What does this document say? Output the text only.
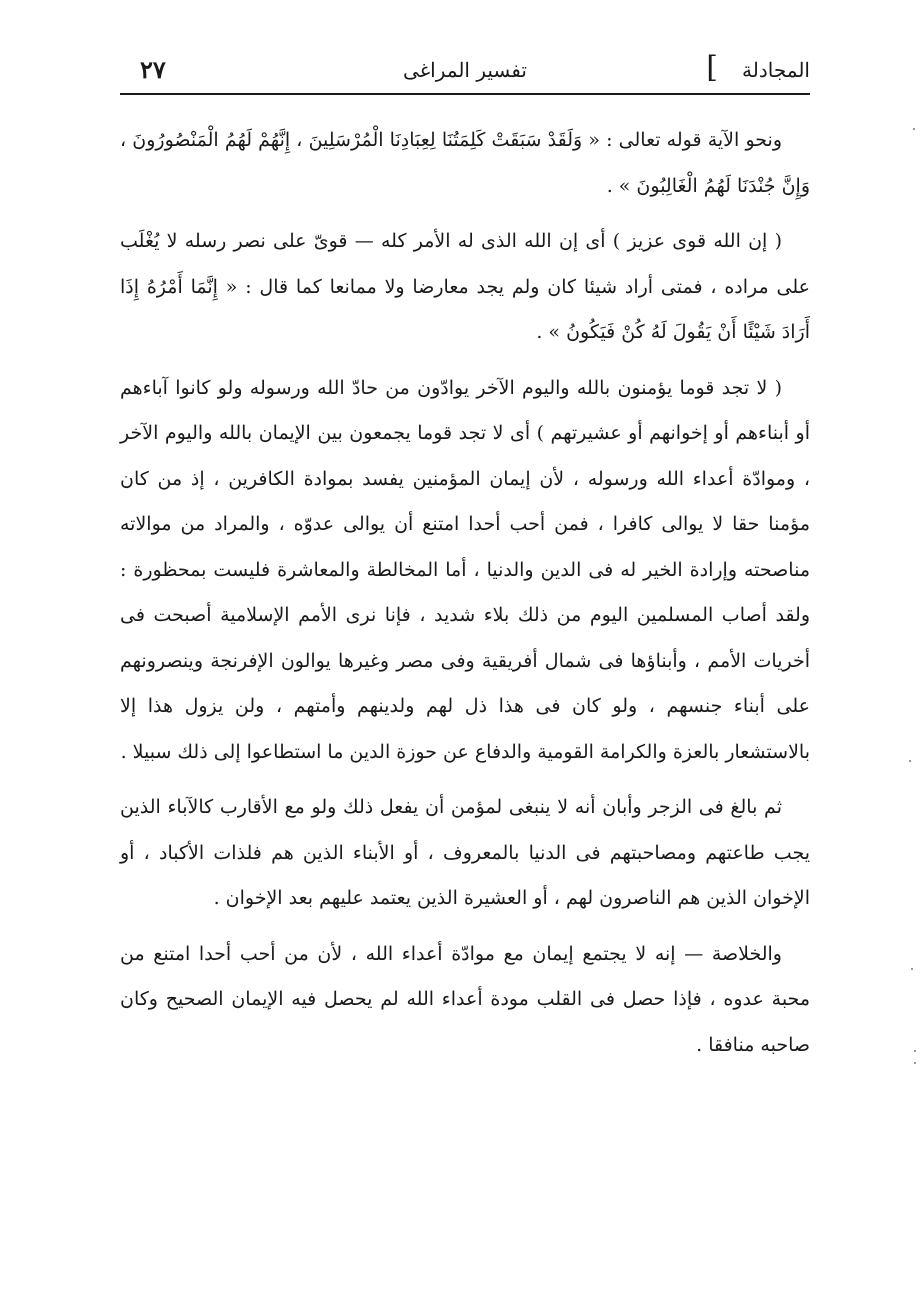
المجادلة
]
تفسير المراغى
٢٧

ونحو الآية قوله تعالى : « وَلَقَدْ سَبَقَتْ كَلِمَتُنَا لِعِبَادِنَا الْمُرْسَلِينَ ، إِنَّهُمْ لَهُمُ الْمَنْصُورُونَ ، وَإِنَّ جُنْدَنَا لَهُمُ الْغَالِبُونَ » .

( إن الله قوى عزيز ) أى إن الله الذى له الأمر كله — قوىّ على نصر رسله لا يُغْلَب على مراده ، فمتى أراد شيئا كان ولم يجد معارضا ولا ممانعا كما قال : « إِنَّمَا أَمْرُهُ إِذَا أَرَادَ شَيْئًا أَنْ يَقُولَ لَهُ كُنْ فَيَكُونُ » .

( لا تجد قوما يؤمنون بالله واليوم الآخر يوادّون من حادّ الله ورسوله ولو كانوا آباءهم أو أبناءهم أو إخوانهم أو عشيرتهم ) أى لا تجد قوما يجمعون بين الإيمان بالله واليوم الآخر ، وموادّة أعداء الله ورسوله ، لأن إيمان المؤمنين يفسد بموادة الكافرين ، إذ من كان مؤمنا حقا لا يوالى كافرا ، فمن أحب أحدا امتنع أن يوالى عدوّه ، والمراد من موالاته مناصحته وإرادة الخير له فى الدين والدنيا ، أما المخالطة والمعاشرة فليست بمحظورة : ولقد أصاب المسلمين اليوم من ذلك بلاء شديد ، فإنا نرى الأمم الإسلامية أصبحت فى أخريات الأمم ، وأبناؤها فى شمال أفريقية وفى مصر وغيرها يوالون الإفرنجة وينصرونهم على أبناء جنسهم ، ولو كان فى هذا ذل لهم ولدينهم وأمتهم ، ولن يزول هذا إلا بالاستشعار بالعزة والكرامة القومية والدفاع عن حوزة الدين ما استطاعوا إلى ذلك سبيلا .

ثم بالغ فى الزجر وأبان أنه لا ينبغى لمؤمن أن يفعل ذلك ولو مع الأقارب كالآباء الذين يجب طاعتهم ومصاحبتهم فى الدنيا بالمعروف ، أو الأبناء الذين هم فلذات الأكباد ، أو الإخوان الذين هم الناصرون لهم ، أو العشيرة الذين يعتمد عليهم بعد الإخوان .

والخلاصة — إنه لا يجتمع إيمان مع موادّة أعداء الله ، لأن من أحب أحدا امتنع من محبة عدوه ، فإذا حصل فى القلب مودة أعداء الله لم يحصل فيه الإيمان الصحيح وكان صاحبه منافقا .
